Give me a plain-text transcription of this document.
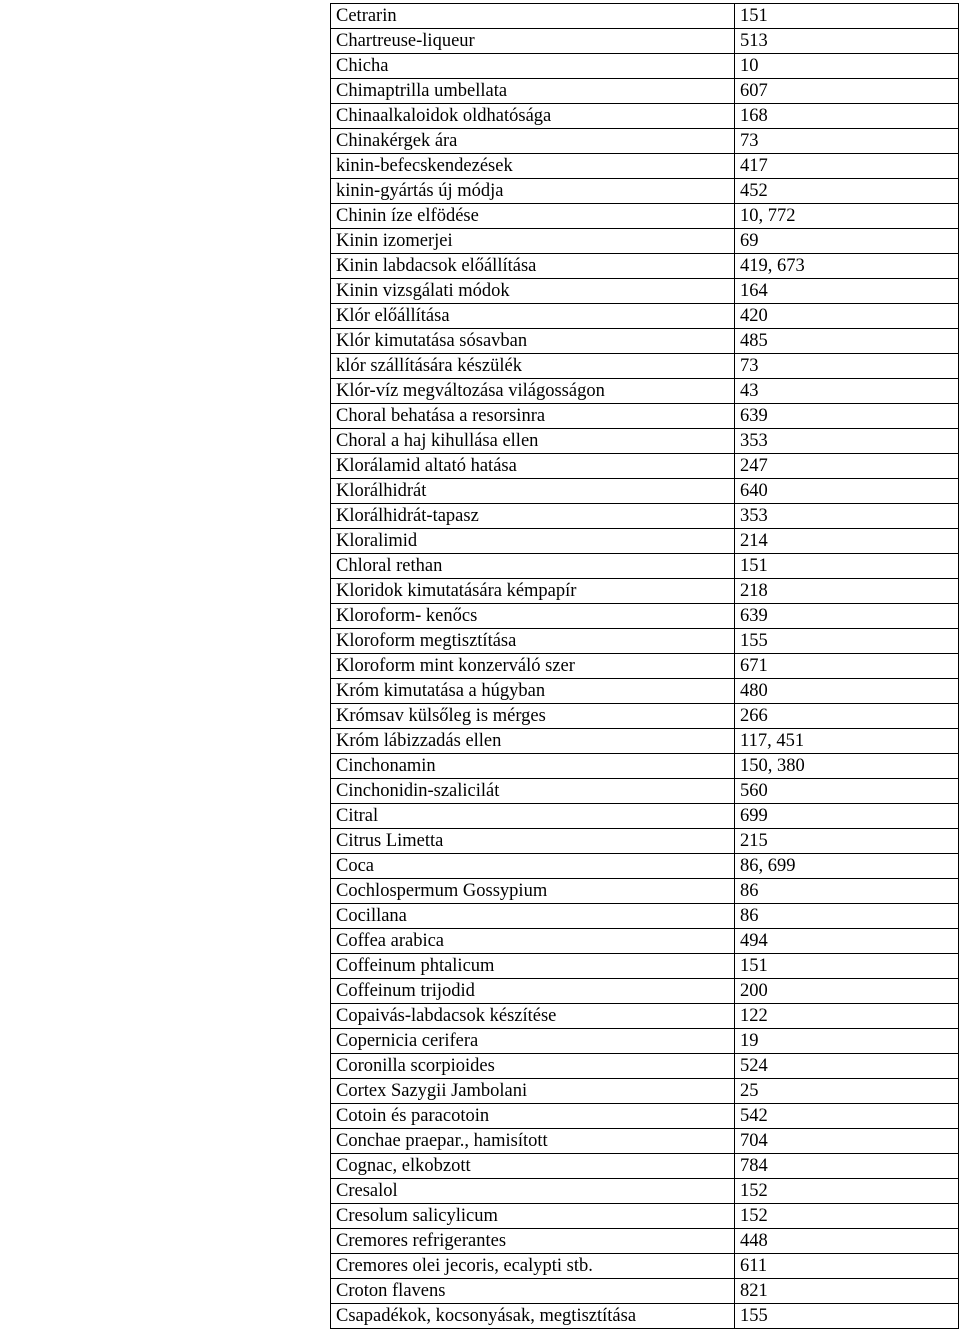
Cetrarin	151
Chartreuse-liqueur	513
Chicha	10
Chimaptrilla umbellata	607
Chinaalkaloidok oldhatósága	168
Chinakérgek ára	73
kinin-befecskendezések	417
kinin-gyártás új módja	452
Chinin íze elfödése	10, 772
Kinin izomerjei	69
Kinin labdacsok előállítása	419, 673
Kinin vizsgálati módok	164
Klór előállítása	420
Klór kimutatása sósavban	485
klór szállítására készülék	73
Klór-víz megváltozása világosságon	43
Choral behatása a resorsinra	639
Choral a haj kihullása ellen	353
Klorálamid altató hatása	247
Klorálhidrát	640
Klorálhidrát-tapasz	353
Kloralimid	214
Chloral rethan	151
Kloridok kimutatására kémpapír	218
Kloroform- kenőcs	639
Kloroform megtisztítása	155
Kloroform mint konzerváló szer	671
Króm kimutatása a húgyban	480
Krómsav külsőleg is mérges	266
Króm lábizzadás ellen	117, 451
Cinchonamin	150, 380
Cinchonidin-szalicilát	560
Citral	699
Citrus Limetta	215
Coca	86, 699
Cochlospermum Gossypium	86
Cocillana	86
Coffea arabica	494
Coffeinum phtalicum	151
Coffeinum trijodid	200
Copaivás-labdacsok készítése	122
Copernicia cerifera	19
Coronilla scorpioides	524
Cortex Sazygii Jambolani	25
Cotoin és paracotoin	542
Conchae praepar., hamisított	704
Cognac, elkobzott	784
Cresalol	152
Cresolum salicylicum	152
Cremores refrigerantes	448
Cremores olei jecoris, ecalypti stb.	611
Croton flavens	821
Csapadékok, kocsonyásak, megtisztítása	155
